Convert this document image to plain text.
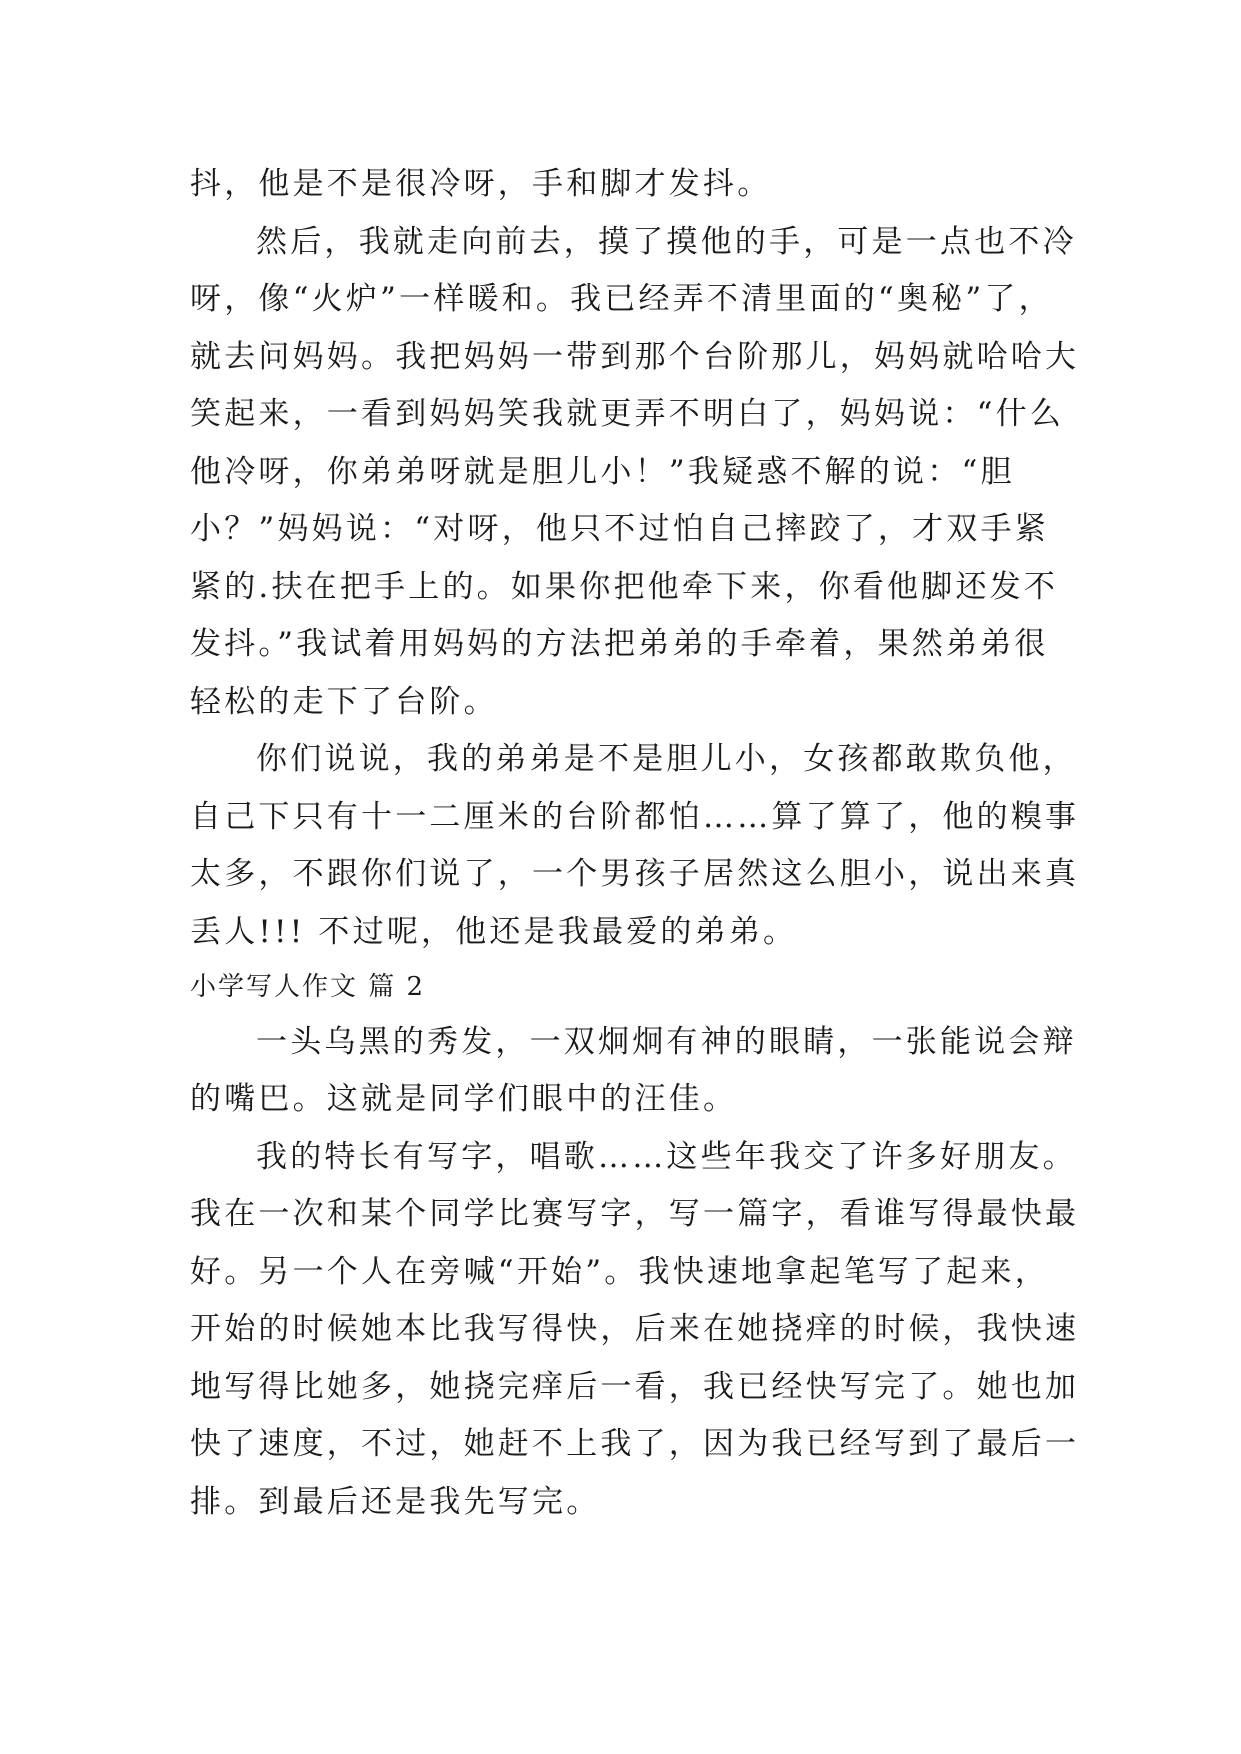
抖，他是不是很冷呀，手和脚才发抖。
然后，我就走向前去，摸了摸他的手，可是一点也不冷
呀，像“火炉”一样暖和。我已经弄不清里面的“奥秘”了，
就去问妈妈。我把妈妈一带到那个台阶那儿，妈妈就哈哈大
笑起来，一看到妈妈笑我就更弄不明白了，妈妈说：“什么
他冷呀，你弟弟呀就是胆儿小！”我疑惑不解的说：“胆
小？”妈妈说：“对呀，他只不过怕自己摔跤了，才双手紧
紧的.扶在把手上的。如果你把他牵下来，你看他脚还发不
发抖。”我试着用妈妈的方法把弟弟的手牵着，果然弟弟很
轻松的走下了台阶。
你们说说，我的弟弟是不是胆儿小，女孩都敢欺负他，
自己下只有十一二厘米的台阶都怕……算了算了，他的糗事
太多，不跟你们说了，一个男孩子居然这么胆小，说出来真
丢人!!! 不过呢，他还是我最爱的弟弟。
小学写人作文 篇 2
一头乌黑的秀发，一双炯炯有神的眼睛，一张能说会辩
的嘴巴。这就是同学们眼中的汪佳。
我的特长有写字，唱歌……这些年我交了许多好朋友。
我在一次和某个同学比赛写字，写一篇字，看谁写得最快最
好。另一个人在旁喊“开始”。我快速地拿起笔写了起来，
开始的时候她本比我写得快，后来在她挠痒的时候，我快速
地写得比她多，她挠完痒后一看，我已经快写完了。她也加
快了速度，不过，她赶不上我了，因为我已经写到了最后一
排。到最后还是我先写完。
